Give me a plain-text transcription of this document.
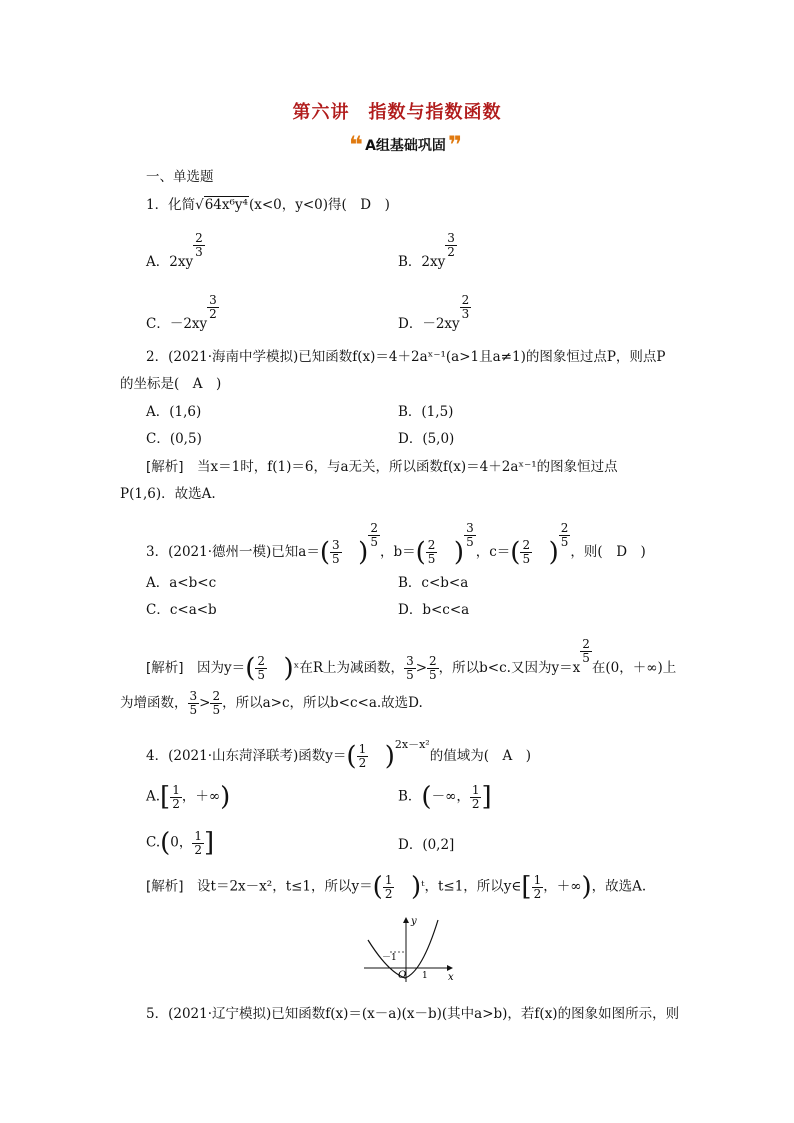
第六讲　指数与指数函数
❝ A组基础巩固 ❞
一、单选题
1．化简√64x⁶y⁴(x<0，y<0)得(　D　)
A．2xy
$\frac{2}{3}$
B．2xy
$\frac{3}{2}$
C．－2xy
$\frac{3}{2}$
D．－2xy
$\frac{2}{3}$
2．(2021·海南中学模拟)已知函数f(x)＝4＋2aˣ⁻¹(a>1且a≠1)的图象恒过点P，则点P
的坐标是(　A　)
A．(1,6)	B．(1,5)
C．(0,5)	D．(5,0)
[解析]　当x＝1时，f(1)＝6，与a无关，所以函数f(x)＝4＋2aˣ⁻¹的图象恒过点
P(1,6)．故选A.
3．(2021·德州一模)已知$a=( \frac{3}{5}$ )
$\frac{2}{5}$
，$b=( \frac{2}{5}$ )
$\frac{3}{5}$
，$c=( \frac{2}{5}$ )
$\frac{2}{5}$
，则(　D　)
A．a<b<c	B．c<b<a
C．c<a<b	D．b<c<a
[解析]　因为$y=( \frac{2}{5}$ )ˣ在R上为减函数， $\frac{3}{5} > \frac{2}{5}$ ，所以b<c.又因为y＝x
$\frac{2}{5}$
在(0，＋∞)上
为增函数， $\frac{3}{5} > \frac{2}{5}$ ，所以a>c，所以b<c<a.故选D.
4．(2021·山东菏泽联考)函数$y=( \frac{1}{2} )^{2x-x^2}$的值域为(　A　)
$A.[ \frac{1}{2}$ ，＋∞)	B．(－∞， $\frac{1}{2}$ ]
C.(0， $\frac{1}{2}$ ]	D．(0,2]
[解析]　设t＝2x－x²，t≤1，所以$y=( \frac{1}{2}$ )ᵗ，t≤1，所以y∈[ $\frac{1}{2}$ ，＋∞)，故选A.
y
x
O
－1
1
5．(2021·辽宁模拟)已知函数f(x)＝(x－a)(x－b)(其中a>b)，若f(x)的图象如图所示，则
